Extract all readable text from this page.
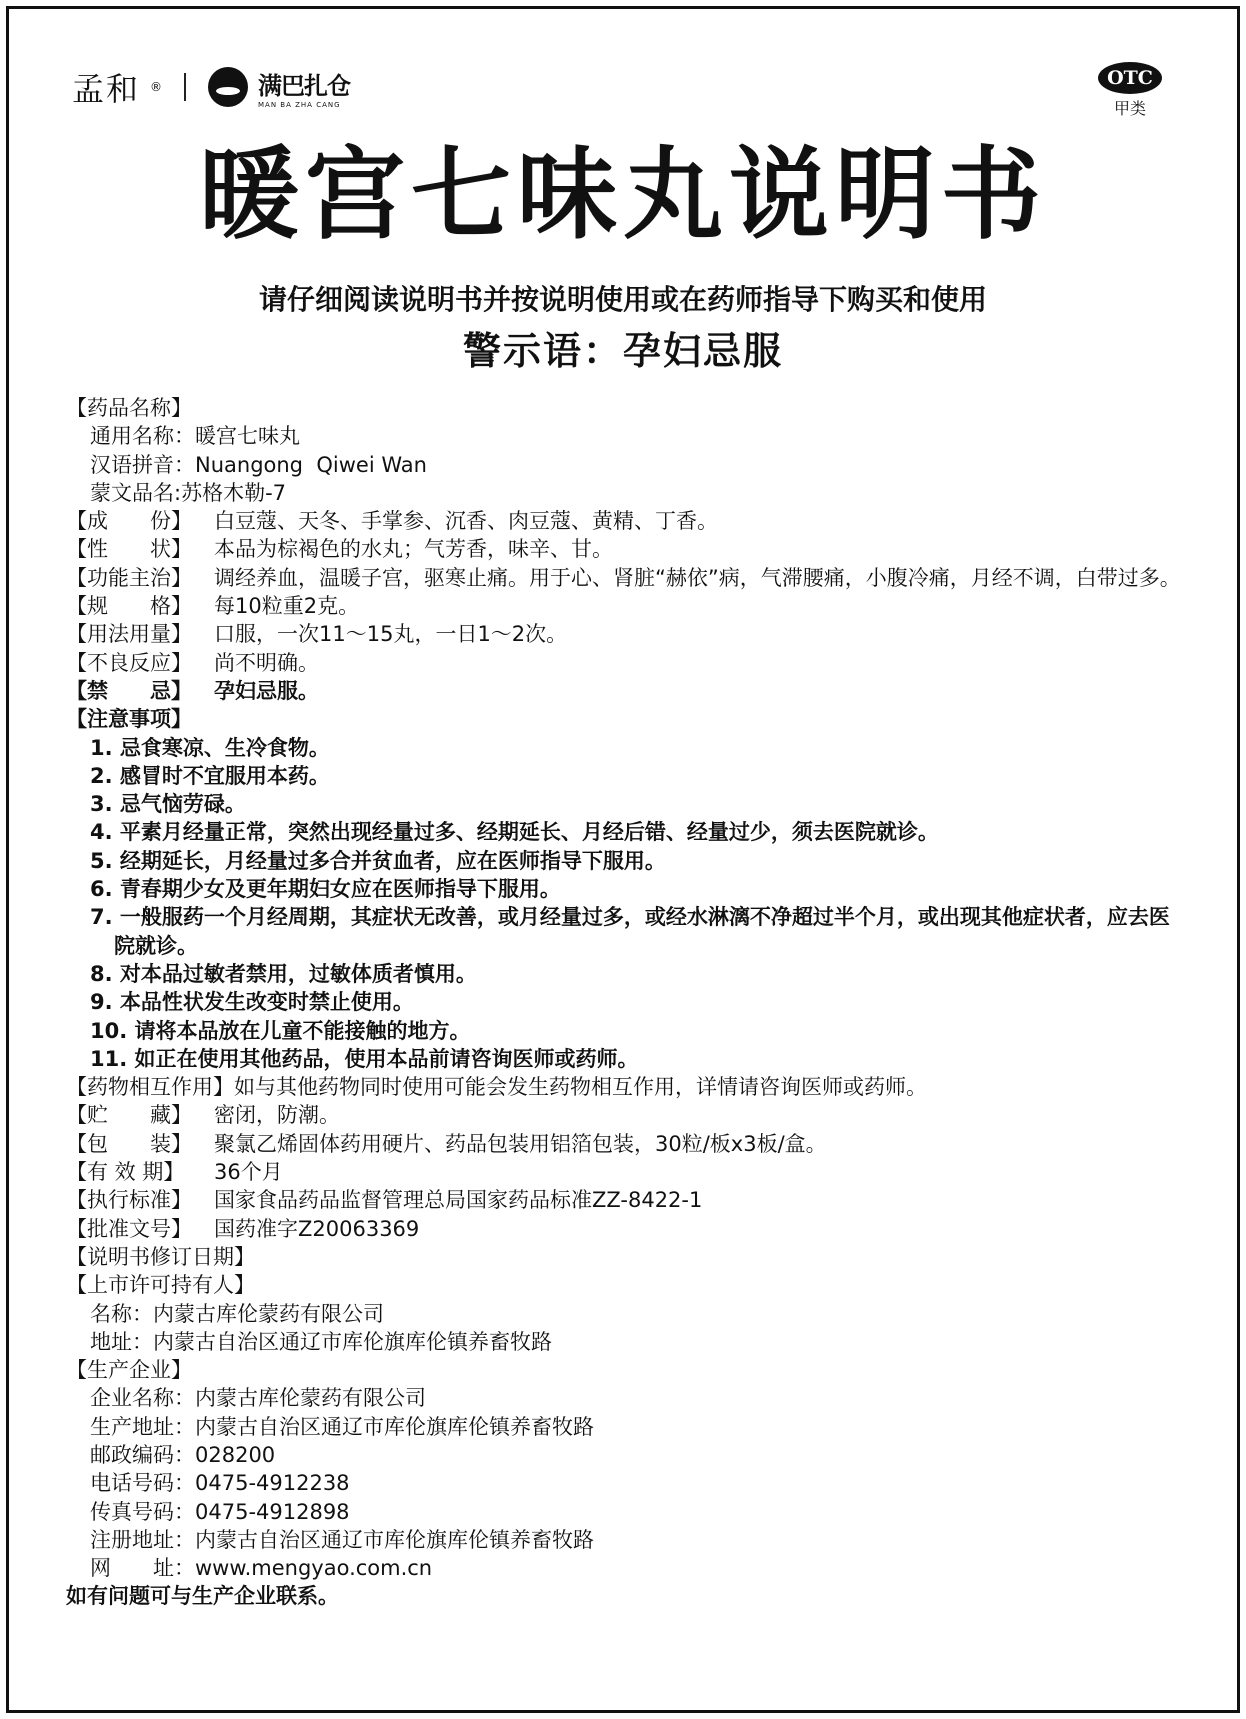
孟和 ®	满巴扎仓
MAN BA ZHA CANG
OTC
甲类
暖宫七味丸说明书
请仔细阅读说明书并按说明使用或在药师指导下购买和使用
警示语：孕妇忌服
【药品名称】
通用名称：暖宫七味丸
汉语拼音：Nuangong  Qiwei Wan
蒙文品名:苏格木勒-7
【成　　份】	白豆蔻、天冬、手掌参、沉香、肉豆蔻、黄精、丁香。
【性　　状】	本品为棕褐色的水丸；气芳香，味辛、甘。
【功能主治】	调经养血，温暖子宫，驱寒止痛。用于心、肾脏“赫依”病，气滞腰痛，小腹冷痛，月经不调，白带过多。
【规　　格】	每10粒重2克。
【用法用量】	口服，一次11～15丸，一日1～2次。
【不良反应】	尚不明确。
【禁　　忌】	孕妇忌服。
【注意事项】
1. 忌食寒凉、生冷食物。
2. 感冒时不宜服用本药。
3. 忌气恼劳碌。
4. 平素月经量正常，突然出现经量过多、经期延长、月经后错、经量过少，须去医院就诊。
5. 经期延长，月经量过多合并贫血者，应在医师指导下服用。
6. 青春期少女及更年期妇女应在医师指导下服用。
7. 一般服药一个月经周期，其症状无改善，或月经量过多，或经水淋漓不净超过半个月，或出现其他症状者，应去医院就诊。
8. 对本品过敏者禁用，过敏体质者慎用。
9. 本品性状发生改变时禁止使用。
10. 请将本品放在儿童不能接触的地方。
11. 如正在使用其他药品，使用本品前请咨询医师或药师。
【药物相互作用】 如与其他药物同时使用可能会发生药物相互作用，详情请咨询医师或药师。
【贮　　藏】	密闭，防潮。
【包　　装】	聚氯乙烯固体药用硬片、药品包装用铝箔包装，30粒/板x3板/盒。
【有 效 期】	36个月
【执行标准】	国家食品药品监督管理总局国家药品标准ZZ-8422-1
【批准文号】	国药准字Z20063369
【说明书修订日期】
【上市许可持有人】
名称：内蒙古库伦蒙药有限公司
地址：内蒙古自治区通辽市库伦旗库伦镇养畜牧路
【生产企业】
企业名称：内蒙古库伦蒙药有限公司
生产地址：内蒙古自治区通辽市库伦旗库伦镇养畜牧路
邮政编码：028200
电话号码：0475-4912238
传真号码：0475-4912898
注册地址：内蒙古自治区通辽市库伦旗库伦镇养畜牧路
网　　址：www.mengyao.com.cn
如有问题可与生产企业联系。
